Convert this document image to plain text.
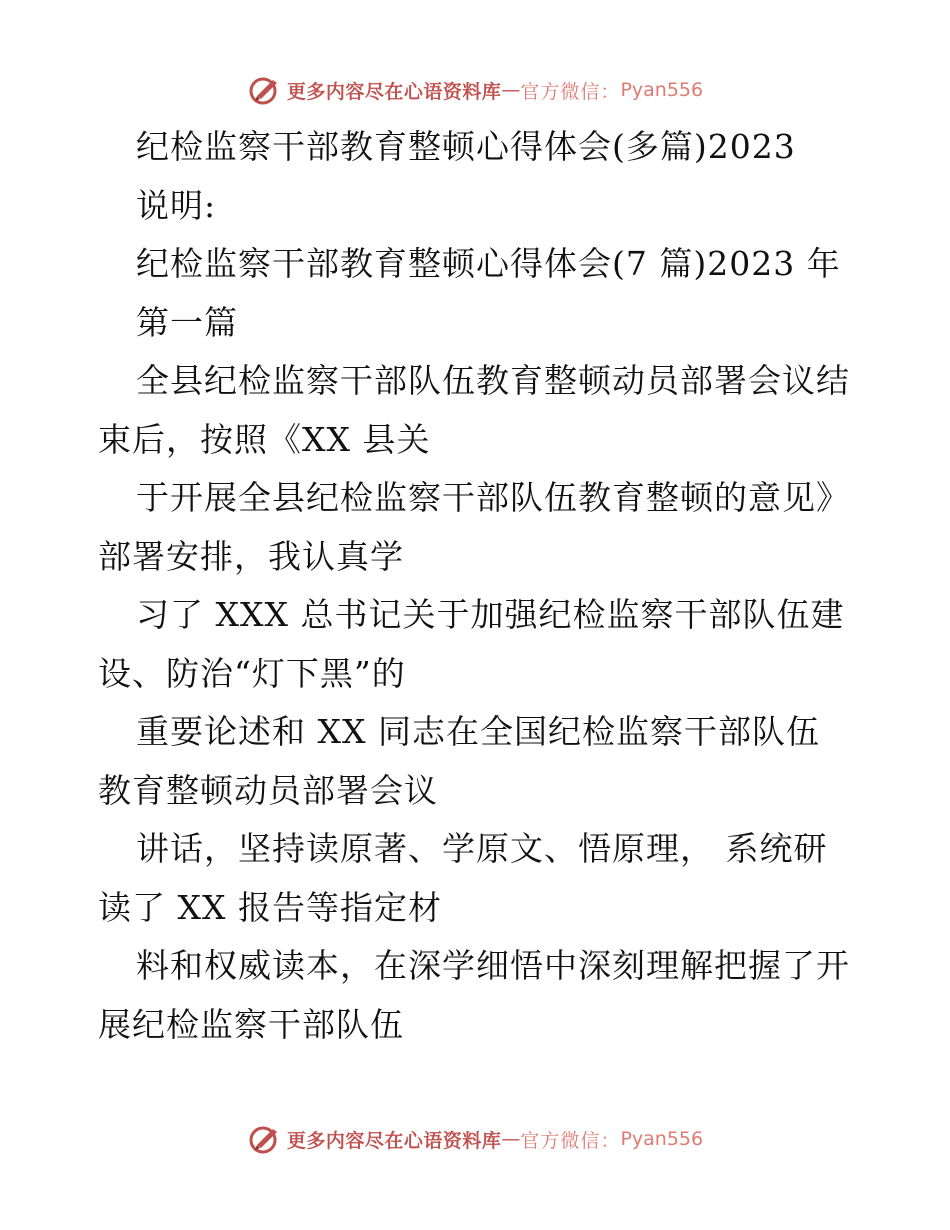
更多内容尽在心语资料库 — 官方微信： Pyan556
纪检监察干部教育整顿心得体会(多篇)2023
说明:
纪检监察干部教育整顿心得体会(7 篇)2023 年
第一篇
全县纪检监察干部队伍教育整顿动员部署会议结
束后，按照《XX 县关
于开展全县纪检监察干部队伍教育整顿的意见》
部署安排，我认真学
习了 XXX 总书记关于加强纪检监察干部队伍建
设、防治“灯下黑”的
重要论述和 XX 同志在全国纪检监察干部队伍
教育整顿动员部署会议
讲话，坚持读原著、学原文、悟原理， 系统研
读了 XX 报告等指定材
料和权威读本，在深学细悟中深刻理解把握了开
展纪检监察干部队伍
更多内容尽在心语资料库 — 官方微信： Pyan556
